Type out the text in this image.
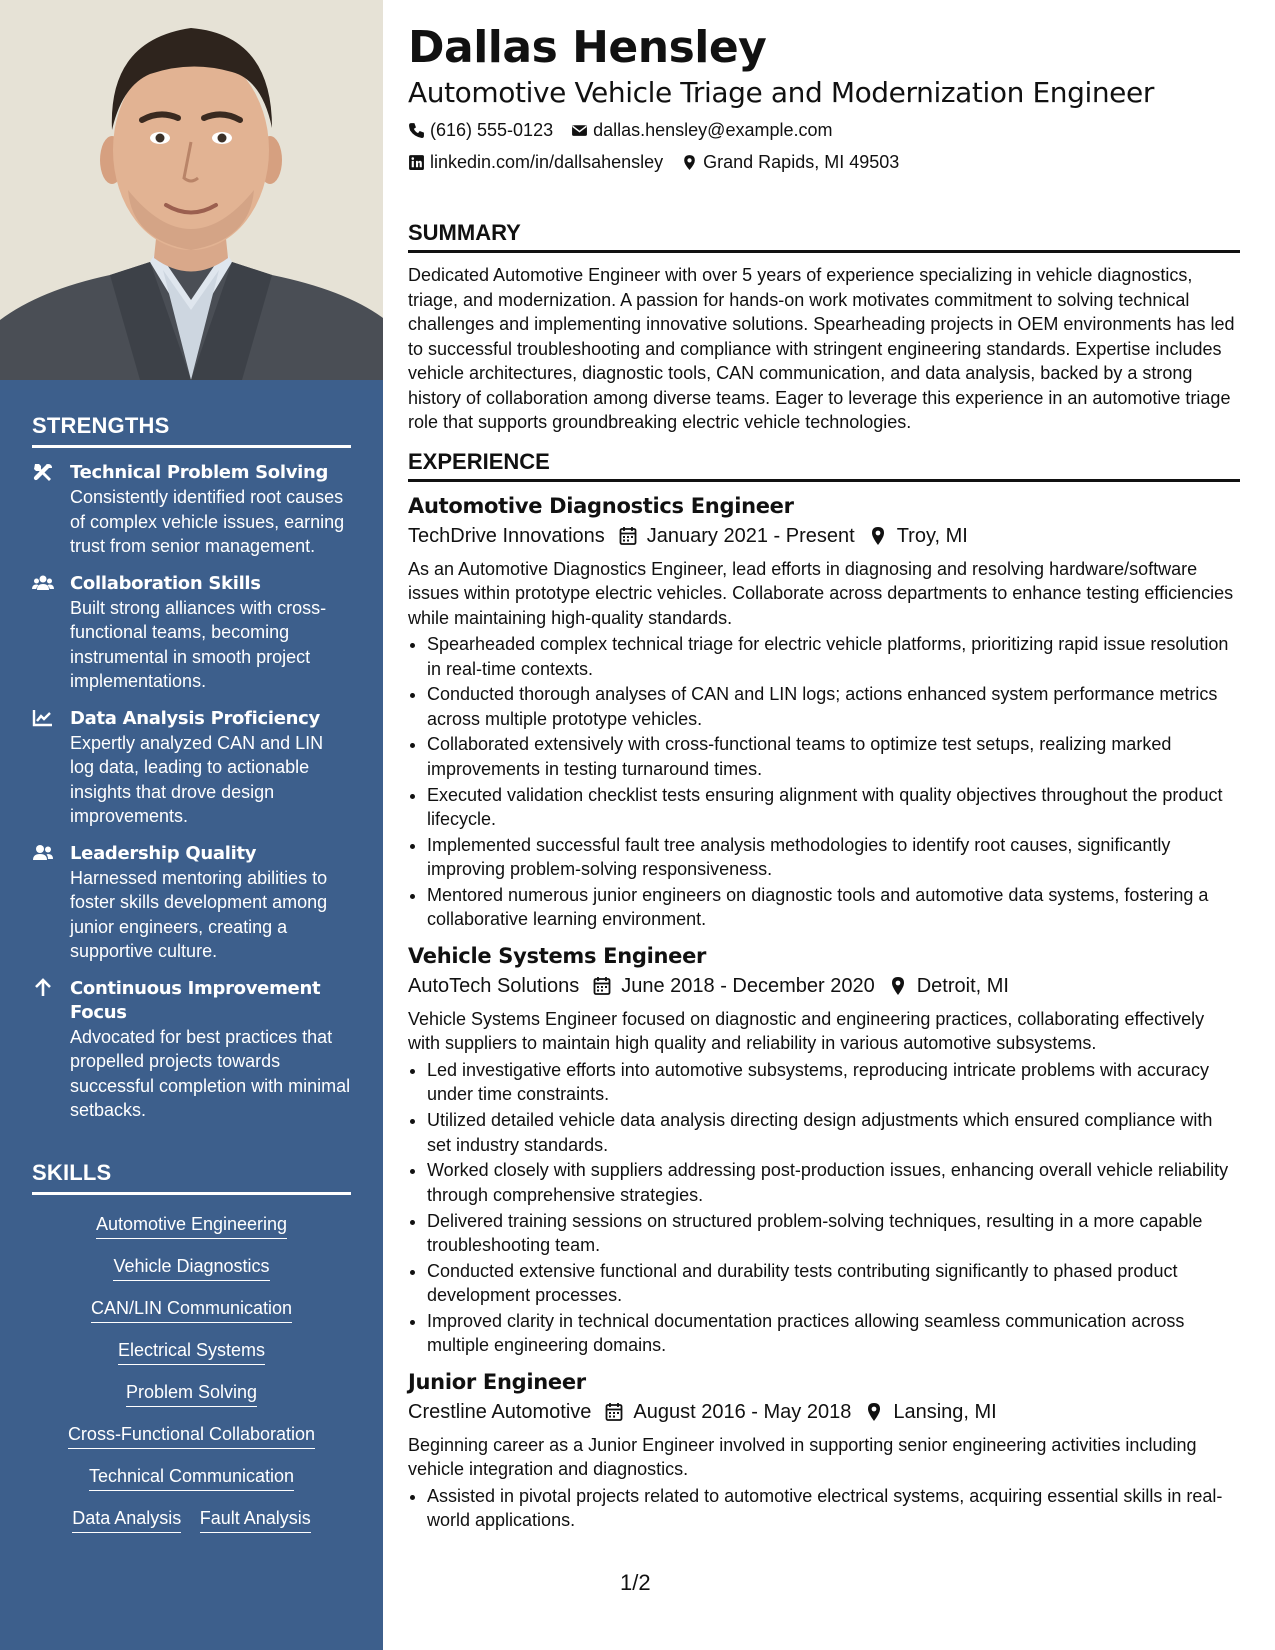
STRENGTHS
Technical Problem Solving
Consistently identified root causes of complex vehicle issues, earning trust from senior management.
Collaboration Skills
Built strong alliances with cross-functional teams, becoming instrumental in smooth project implementations.
Data Analysis Proficiency
Expertly analyzed CAN and LIN log data, leading to actionable insights that drove design improvements.
Leadership Quality
Harnessed mentoring abilities to foster skills development among junior engineers, creating a supportive culture.
Continuous Improvement Focus
Advocated for best practices that propelled projects towards successful completion with minimal setbacks.
SKILLS
Automotive Engineering
Vehicle Diagnostics
CAN/LIN Communication
Electrical Systems
Problem Solving
Cross-Functional Collaboration
Technical Communication
Data Analysis Fault Analysis
Dallas Hensley
Automotive Vehicle Triage and Modernization Engineer
(616) 555-0123 dallas.hensley@example.com
linkedin.com/in/dallsahensley Grand Rapids, MI 49503
SUMMARY
Dedicated Automotive Engineer with over 5 years of experience specializing in vehicle diagnostics, triage, and modernization. A passion for hands-on work motivates commitment to solving technical challenges and implementing innovative solutions. Spearheading projects in OEM environments has led to successful troubleshooting and compliance with stringent engineering standards. Expertise includes vehicle architectures, diagnostic tools, CAN communication, and data analysis, backed by a strong history of collaboration among diverse teams. Eager to leverage this experience in an automotive triage role that supports groundbreaking electric vehicle technologies.
EXPERIENCE
Automotive Diagnostics Engineer
TechDrive Innovations January 2021 - Present Troy, MI
As an Automotive Diagnostics Engineer, lead efforts in diagnosing and resolving hardware/software issues within prototype electric vehicles. Collaborate across departments to enhance testing efficiencies while maintaining high-quality standards.
• Spearheaded complex technical triage for electric vehicle platforms, prioritizing rapid issue resolution in real-time contexts.
• Conducted thorough analyses of CAN and LIN logs; actions enhanced system performance metrics across multiple prototype vehicles.
• Collaborated extensively with cross-functional teams to optimize test setups, realizing marked improvements in testing turnaround times.
• Executed validation checklist tests ensuring alignment with quality objectives throughout the product lifecycle.
• Implemented successful fault tree analysis methodologies to identify root causes, significantly improving problem-solving responsiveness.
• Mentored numerous junior engineers on diagnostic tools and automotive data systems, fostering a collaborative learning environment.
Vehicle Systems Engineer
AutoTech Solutions June 2018 - December 2020 Detroit, MI
Vehicle Systems Engineer focused on diagnostic and engineering practices, collaborating effectively with suppliers to maintain high quality and reliability in various automotive subsystems.
• Led investigative efforts into automotive subsystems, reproducing intricate problems with accuracy under time constraints.
• Utilized detailed vehicle data analysis directing design adjustments which ensured compliance with set industry standards.
• Worked closely with suppliers addressing post-production issues, enhancing overall vehicle reliability through comprehensive strategies.
• Delivered training sessions on structured problem-solving techniques, resulting in a more capable troubleshooting team.
• Conducted extensive functional and durability tests contributing significantly to phased product development processes.
• Improved clarity in technical documentation practices allowing seamless communication across multiple engineering domains.
Junior Engineer
Crestline Automotive August 2016 - May 2018 Lansing, MI
Beginning career as a Junior Engineer involved in supporting senior engineering activities including vehicle integration and diagnostics.
• Assisted in pivotal projects related to automotive electrical systems, acquiring essential skills in real-world applications.
1/2
